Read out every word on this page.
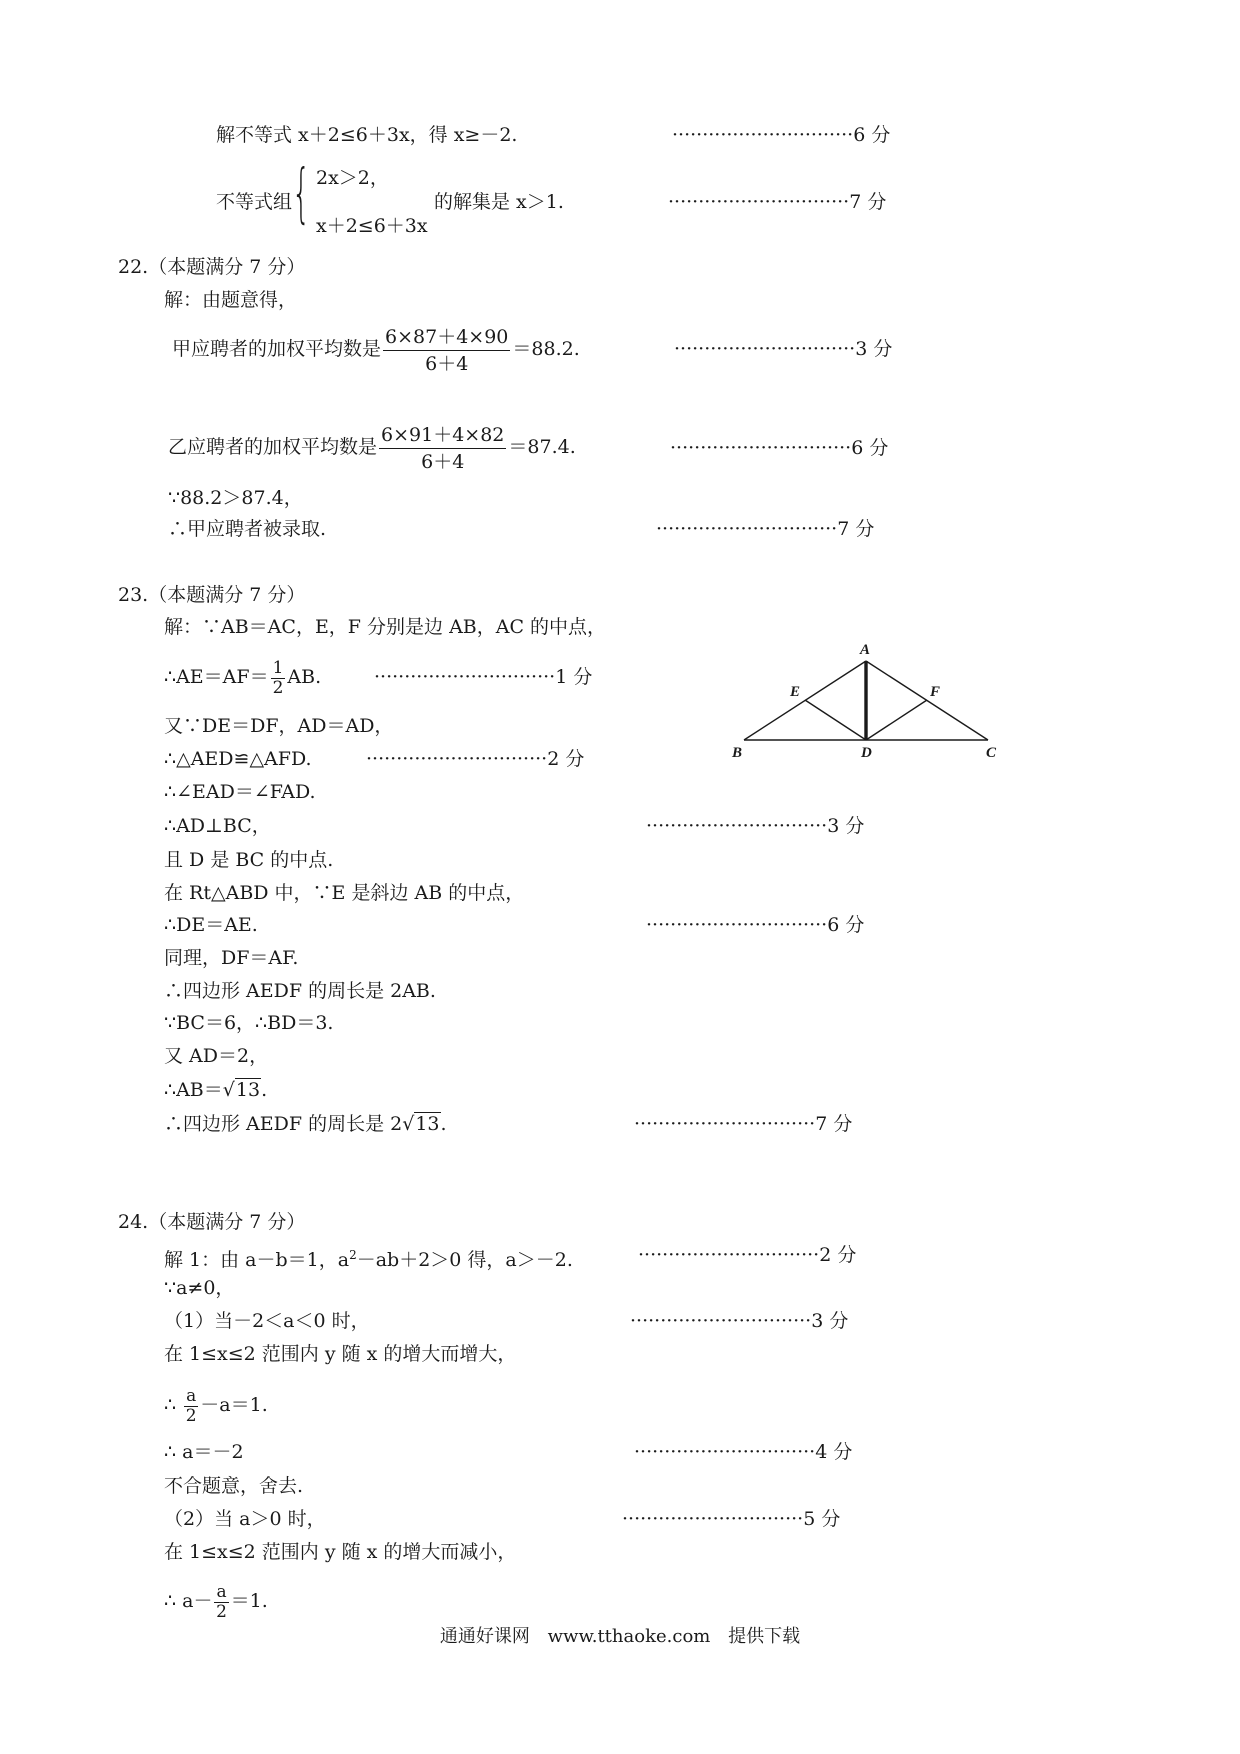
解不等式 x＋2≤6＋3x，得 x≥－2.	······························6 分
不等式组 { 2x＞2，
x＋2≤6＋3x
的解集是 x＞1.	······························7 分
22.（本题满分 7 分）
解：由题意得，
甲应聘者的加权平均数是 $\frac{6\times 87+4\times 90}{6+4} =88.2$.	······························3 分
乙应聘者的加权平均数是 $\frac{6\times 91+4\times 82}{6+4} =87.4$.	······························6 分
∵88.2＞87.4，
∴甲应聘者被录取.	······························7 分
23.（本题满分 7 分）
解：∵AB＝AC，E，F 分别是边 AB，AC 的中点，
∴AE＝AF＝ $\frac{1}{2}$ AB.	······························1 分
又∵DE＝DF，AD＝AD，
∴△AED≌△AFD.	······························2 分
∴∠EAD＝∠FAD.
∴AD⊥BC，	······························3 分
且 D 是 BC 的中点.
在 Rt△ABD 中，∵E 是斜边 AB 的中点，
∴DE＝AE.	······························6 分
同理，DF＝AF.
∴四边形 AEDF 的周长是 2AB.
∵BC＝6，∴BD＝3.
又 AD＝2，
∴AB＝√13.
∴四边形 AEDF 的周长是 2√13.	······························7 分
A
B	C
D
E	F
24.（本题满分 7 分）
解 1：由 a－b＝1，$a^2-ab+2>0$ 得，a＞－2.	······························2 分
∵a≠0，
（1）当－2＜a＜0 时，	······························3 分
在 1≤x≤2 范围内 y 随 x 的增大而增大，
∴ $\frac{a}{2} -a=1$.
∴ a＝－2	······························4 分
不合题意，舍去.
（2）当 a＞0 时，	······························5 分
在 1≤x≤2 范围内 y 随 x 的增大而减小，
∴ $a- \frac{a}{2} =1$.
通通好课网 www.tthaoke.com 提供下载
